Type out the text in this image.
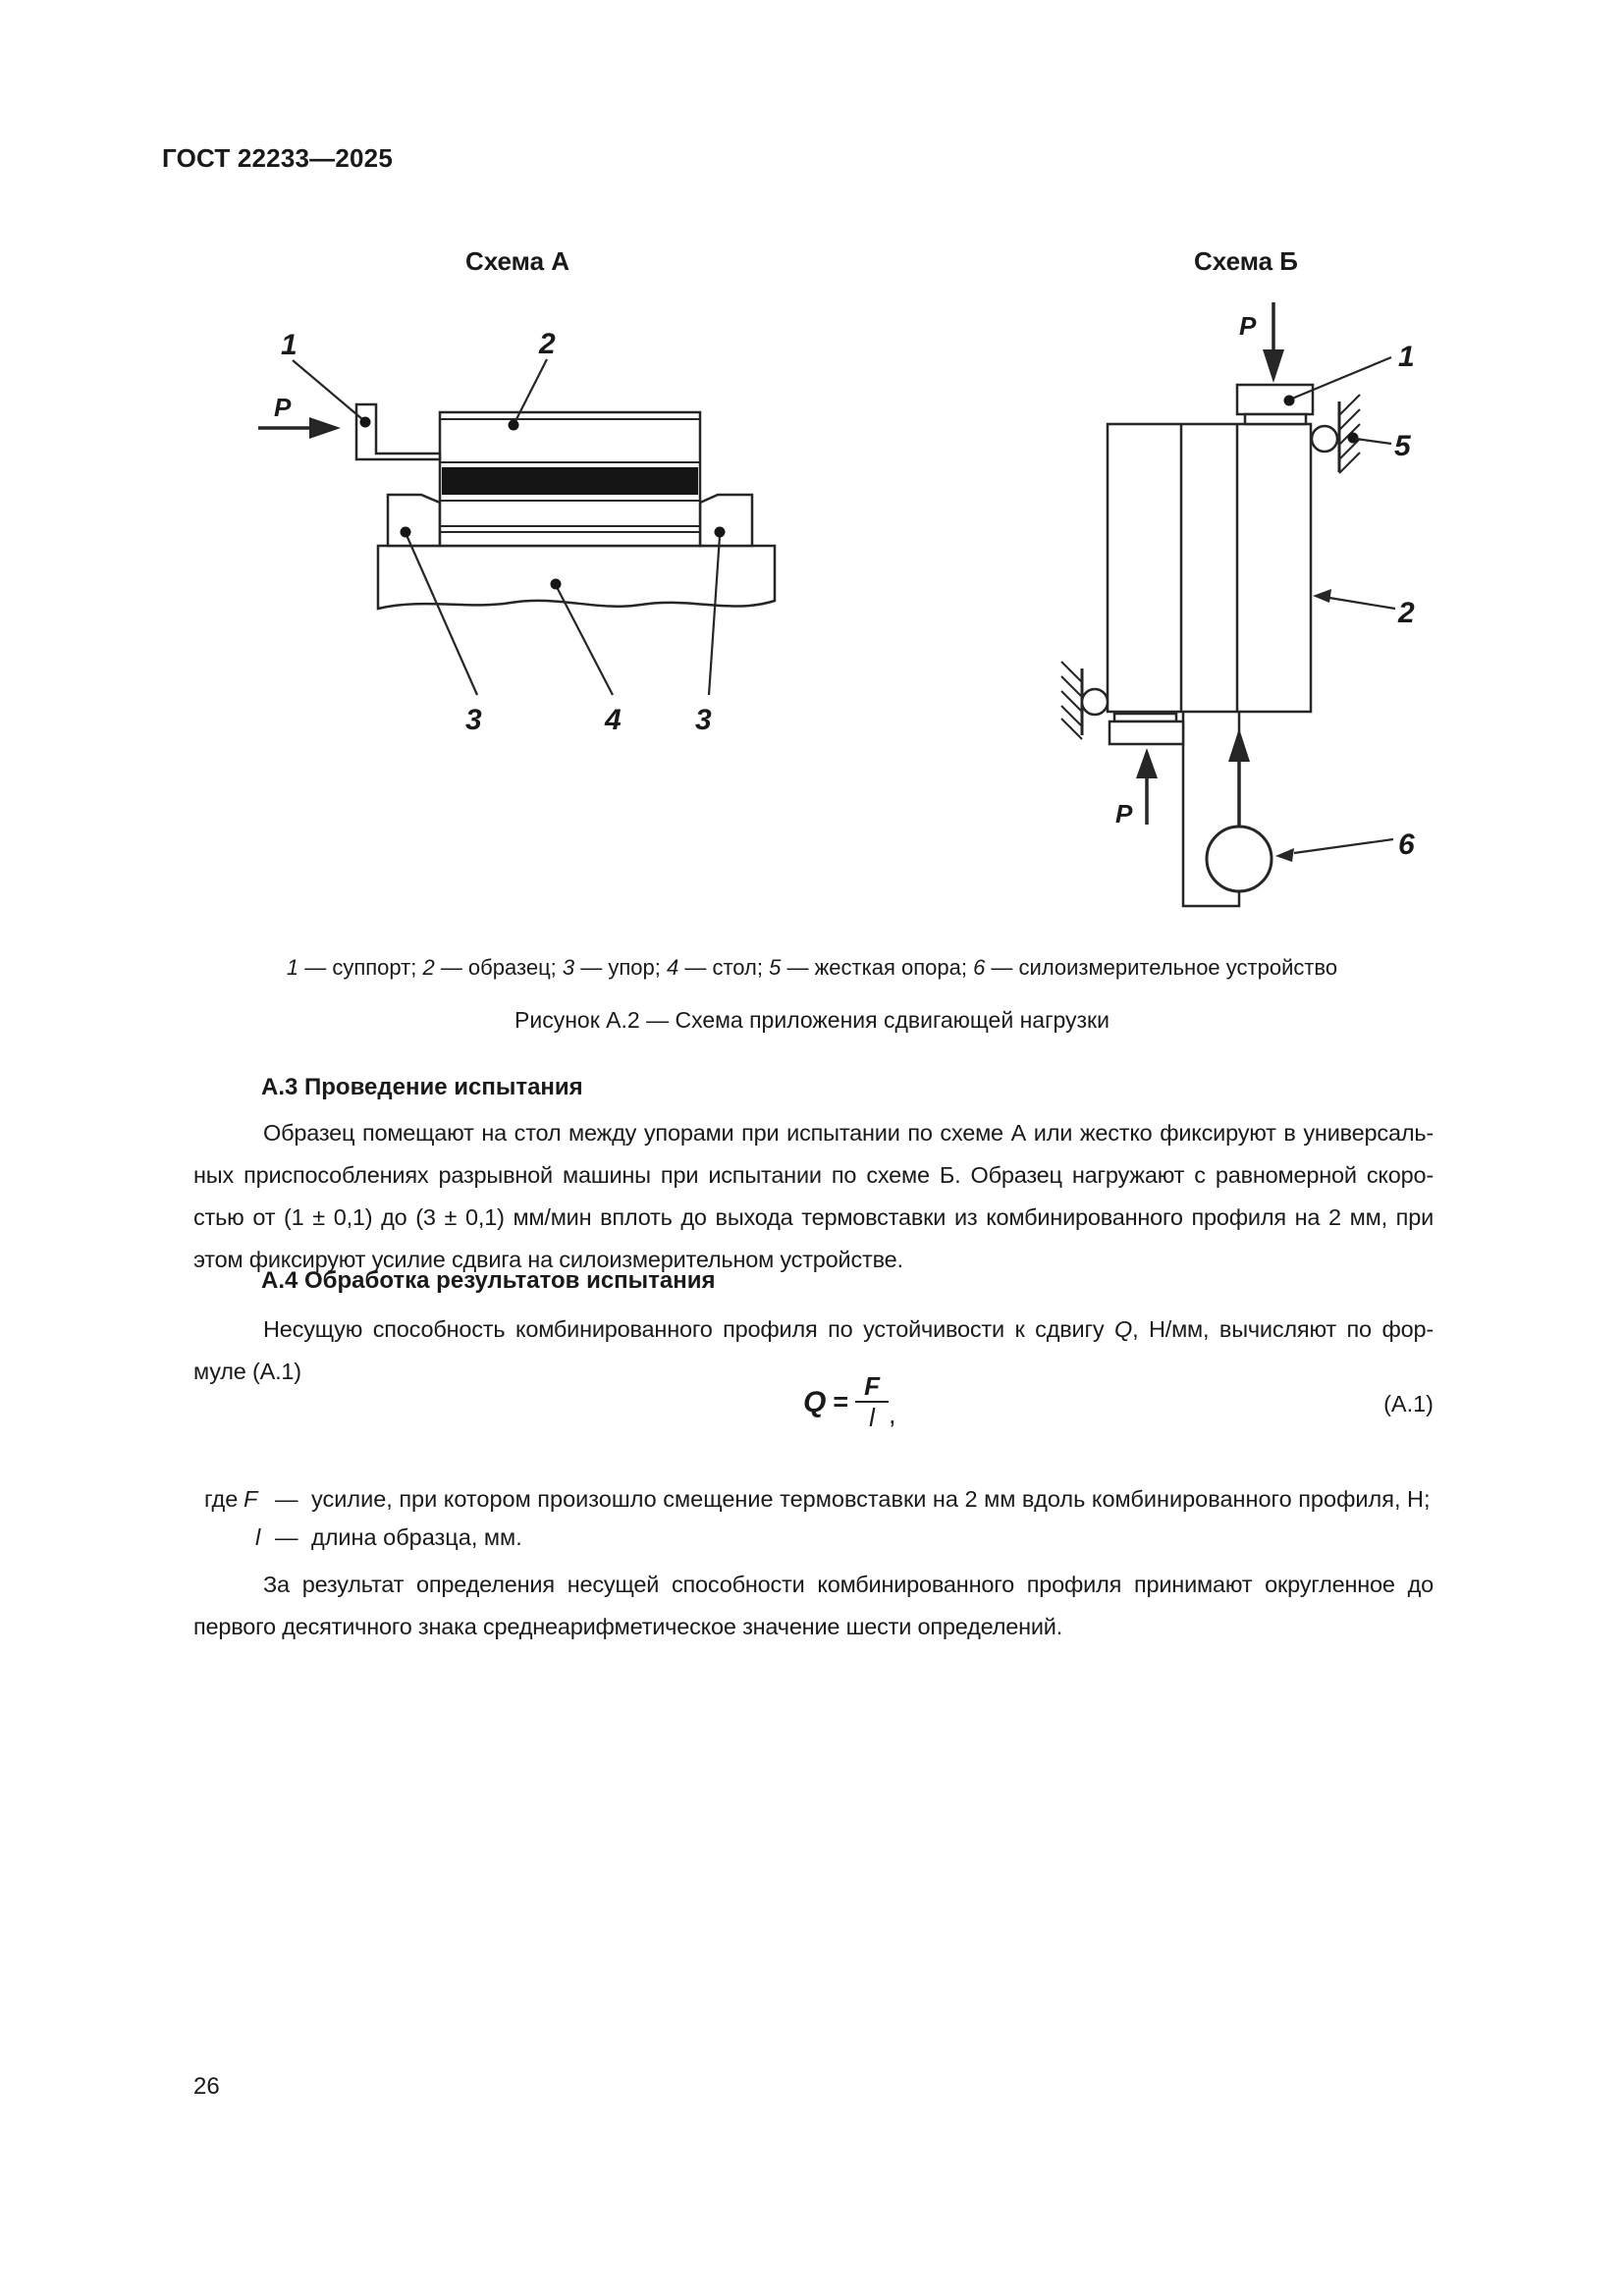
ГОСТ 22233—2025
Схема А
P
1	2
3	4	3
Схема Б
P
P
1
5
2
6
1 — суппорт; 2 — образец; 3 — упор; 4 — стол; 5 — жесткая опора; 6 — силоизмерительное устройство
Рисунок А.2 — Схема приложения сдвигающей нагрузки
А.3 Проведение испытания
Образец помещают на стол между упорами при испытании по схеме А или жестко фиксируют в универсаль-
ных приспособлениях разрывной машины при испытании по схеме Б. Образец нагружают с равномерной скоро-
стью от (1 ± 0,1) до (3 ± 0,1) мм/мин вплоть до выхода термовставки из комбинированного профиля на 2 мм, при
этом фиксируют усилие сдвига на силоизмерительном устройстве.
А.4 Обработка результатов испытания
Несущую способность комбинированного профиля по устойчивости к сдвигу Q, Н/мм, вычисляют по фор-
муле (А.1)
$Q = \frac{F}{l}$ ,	(А.1)
где F — усилие, при котором произошло смещение термовставки на 2 мм вдоль комбинированного профиля, Н;
l — длина образца, мм.
За результат определения несущей способности комбинированного профиля принимают округленное до
первого десятичного знака среднеарифметическое значение шести определений.
26
